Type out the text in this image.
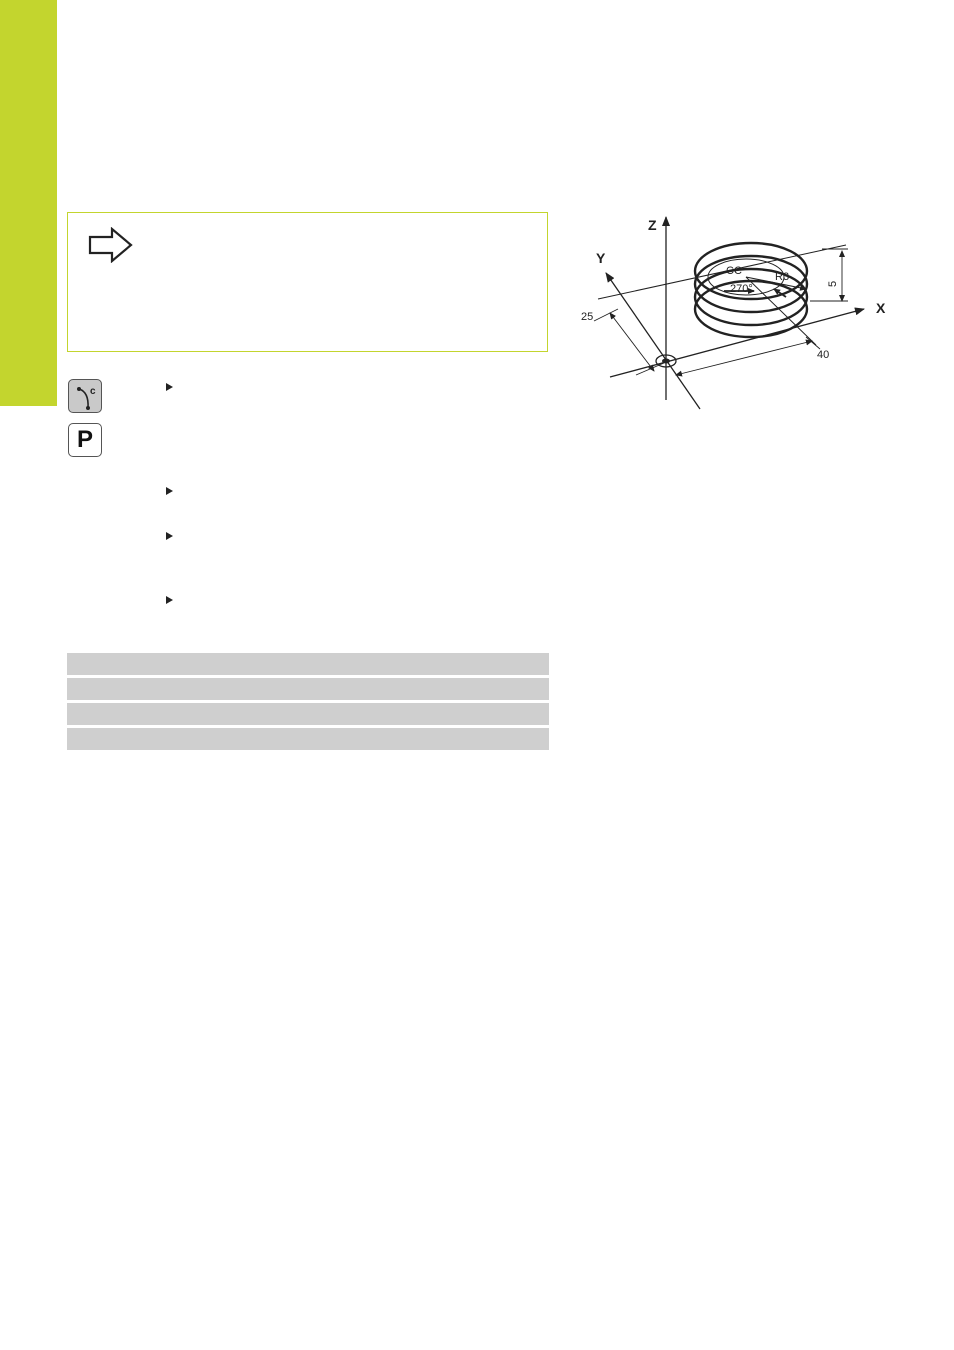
c
P
Z
Y
X
CC	R3
270°
25
40
5
